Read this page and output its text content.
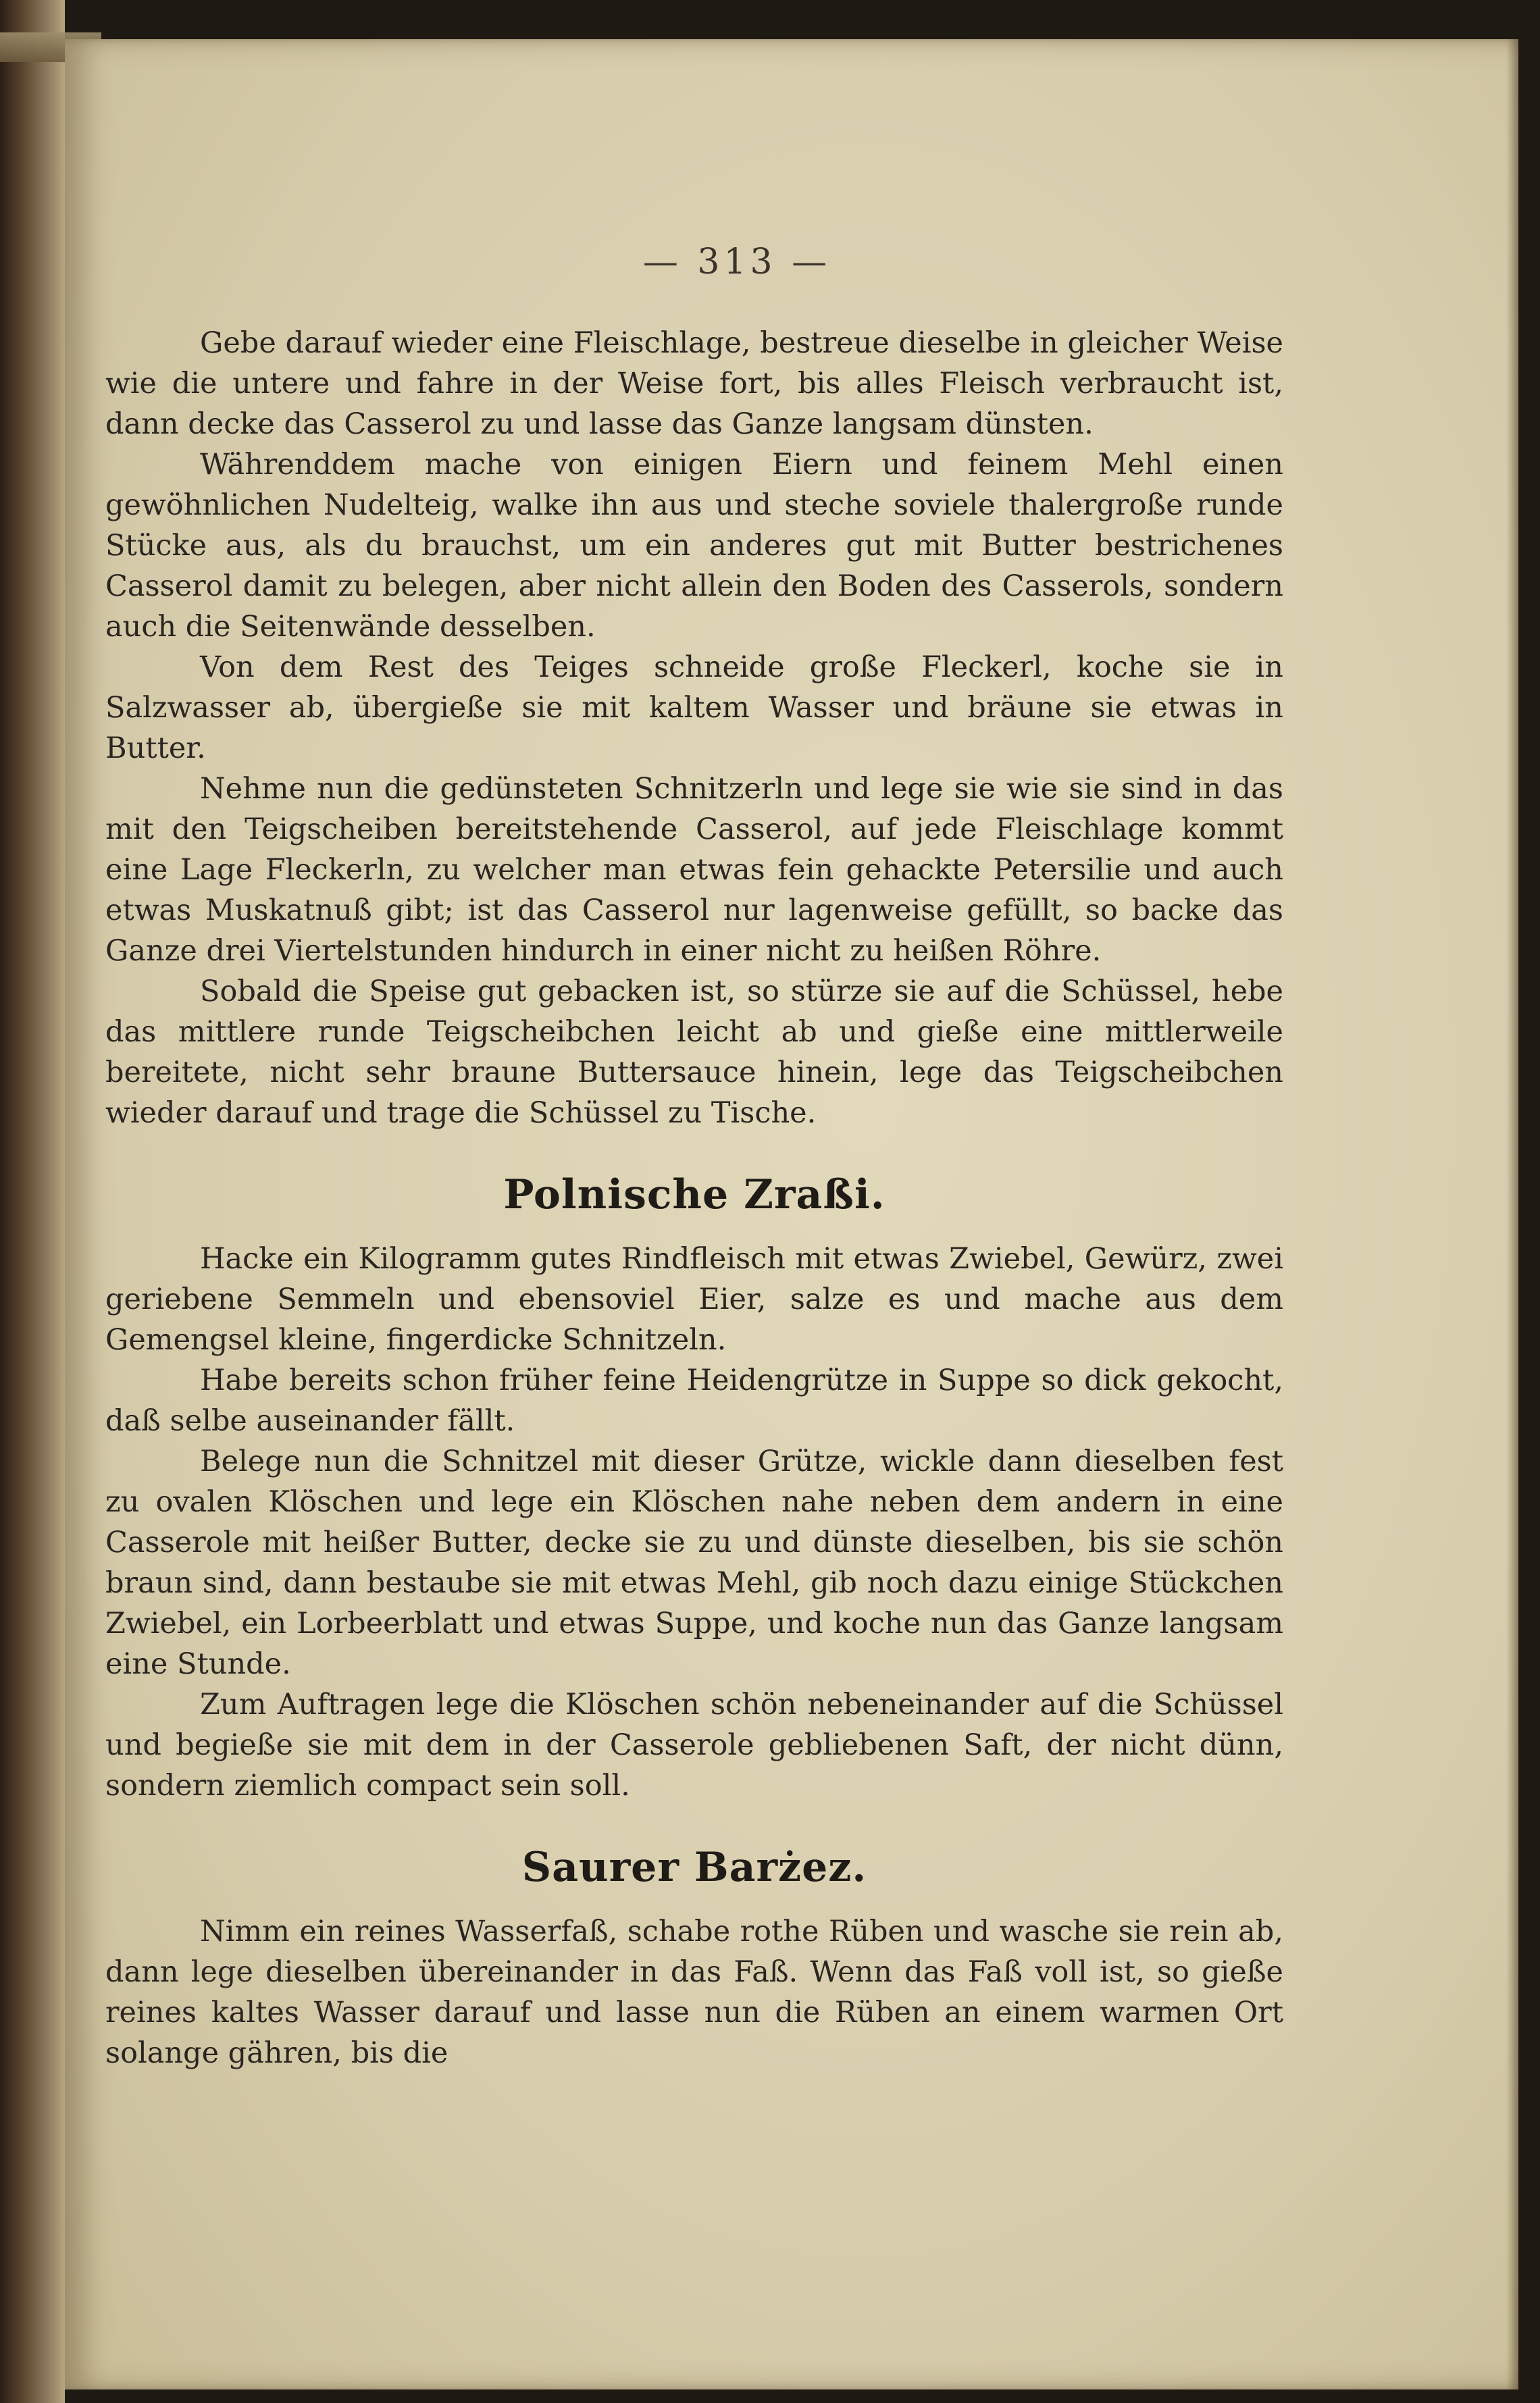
— 313 —

Gebe darauf wieder eine Fleischlage, bestreue dieselbe in gleicher Weise wie die untere und fahre in der Weise fort, bis alles Fleisch verbraucht ist, dann decke das Casserol zu und lasse das Ganze langsam dünsten.

Währenddem mache von einigen Eiern und feinem Mehl einen gewöhnlichen Nudelteig, walke ihn aus und steche soviele thalergroße runde Stücke aus, als du brauchst, um ein anderes gut mit Butter bestrichenes Casserol damit zu belegen, aber nicht allein den Boden des Casserols, sondern auch die Seitenwände desselben.

Von dem Rest des Teiges schneide große Fleckerl, koche sie in Salzwasser ab, übergieße sie mit kaltem Wasser und bräune sie etwas in Butter.

Nehme nun die gedünsteten Schnitzerln und lege sie wie sie sind in das mit den Teigscheiben bereitstehende Casserol, auf jede Fleischlage kommt eine Lage Fleckerln, zu welcher man etwas fein gehackte Petersilie und auch etwas Muskatnuß gibt; ist das Casserol nur lagenweise gefüllt, so backe das Ganze drei Viertelstunden hindurch in einer nicht zu heißen Röhre.

Sobald die Speise gut gebacken ist, so stürze sie auf die Schüssel, hebe das mittlere runde Teigscheibchen leicht ab und gieße eine mittlerweile bereitete, nicht sehr braune Buttersauce hinein, lege das Teigscheibchen wieder darauf und trage die Schüssel zu Tische.

Polnische Zraßi.

Hacke ein Kilogramm gutes Rindfleisch mit etwas Zwiebel, Gewürz, zwei geriebene Semmeln und ebensoviel Eier, salze es und mache aus dem Gemengsel kleine, fingerdicke Schnitzeln.

Habe bereits schon früher feine Heidengrütze in Suppe so dick gekocht, daß selbe auseinander fällt.

Belege nun die Schnitzel mit dieser Grütze, wickle dann dieselben fest zu ovalen Klöschen und lege ein Klöschen nahe neben dem andern in eine Casserole mit heißer Butter, decke sie zu und dünste dieselben, bis sie schön braun sind, dann bestaube sie mit etwas Mehl, gib noch dazu einige Stückchen Zwiebel, ein Lorbeerblatt und etwas Suppe, und koche nun das Ganze langsam eine Stunde.

Zum Auftragen lege die Klöschen schön nebeneinander auf die Schüssel und begieße sie mit dem in der Casserole gebliebenen Saft, der nicht dünn, sondern ziemlich compact sein soll.

Saurer Barżez.

Nimm ein reines Wasserfaß, schabe rothe Rüben und wasche sie rein ab, dann lege dieselben übereinander in das Faß. Wenn das Faß voll ist, so gieße reines kaltes Wasser darauf und lasse nun die Rüben an einem warmen Ort solange gähren, bis die
